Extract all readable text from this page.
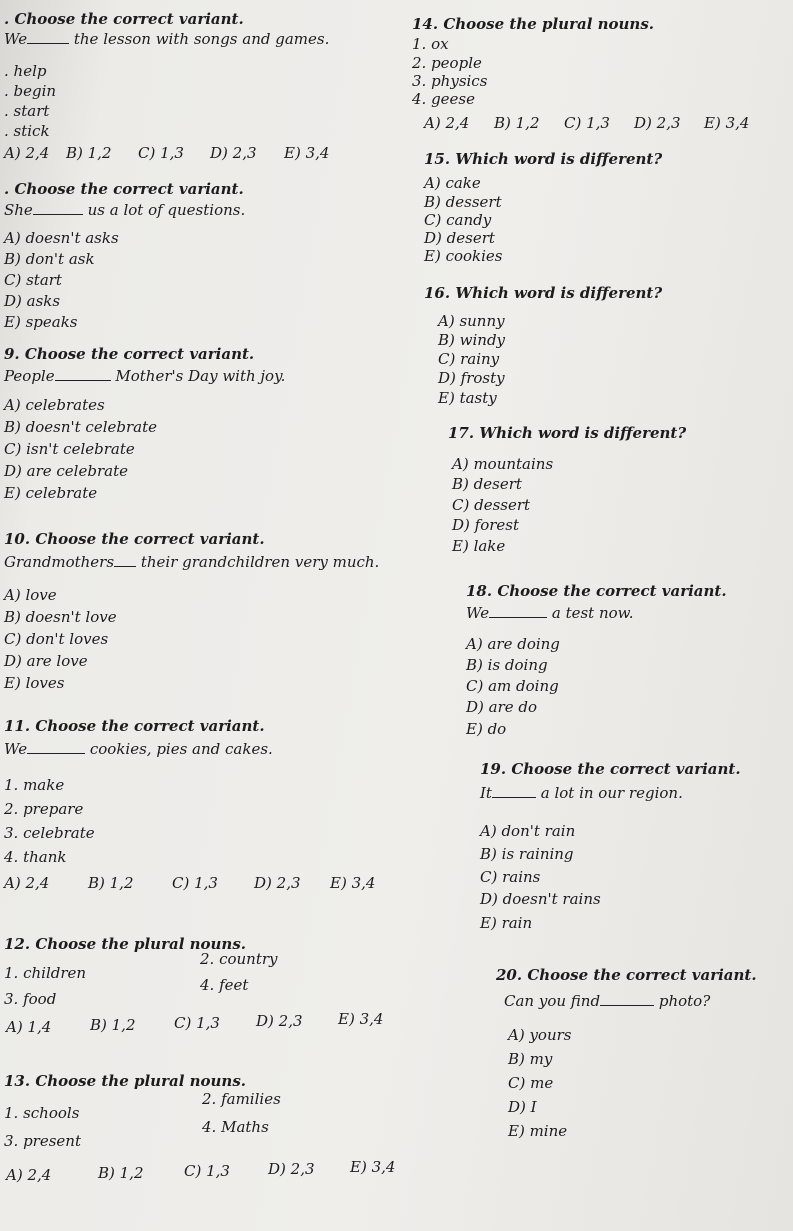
. Choose the correct variant.
We	the lesson with songs and games.
. help
. begin
. start
. stick
A) 2,4 B) 1,2 C) 1,3 D) 2,3 E) 3,4
. Choose the correct variant.
She	us a lot of questions.
A) doesn't asks
B) don't ask
C) start
D) asks
E) speaks
9. Choose the correct variant.
People	Mother's Day with joy.
A) celebrates
B) doesn't celebrate
C) isn't celebrate
D) are celebrate
E) celebrate
10. Choose the correct variant.
Grandmothers their grandchildren very much.
A) love
B) doesn't love
C) don't loves
D) are love
E) loves
11. Choose the correct variant.
We	cookies, pies and cakes.
1. make
2. prepare
3. celebrate
4. thank
A) 2,4	B) 1,2	C) 1,3 D) 2,3 E) 3,4
12. Choose the plural nouns.
1. children
2. country
3. food
4. feet
A) 1,4	B) 1,2	C) 1,3 D) 2,3 E) 3,4
13. Choose the plural nouns.
1. schools
2. families
3. present
4. Maths
A) 2,4	B) 1,2	C) 1,3	D) 2,3 E) 3,4
14. Choose the plural nouns.
1. ox
2. people
3. physics
4. geese
A) 2,4 B) 1,2 C) 1,3 D) 2,3 E) 3,4
15. Which word is different?
A) cake
B) dessert
C) candy
D) desert
E) cookies
16. Which word is different?
A) sunny
B) windy
C) rainy
D) frosty
E) tasty
17. Which word is different?
A) mountains
B) desert
C) dessert
D) forest
E) lake
18. Choose the correct variant.
We	a test now.
A) are doing
B) is doing
C) am doing
D) are do
E) do
19. Choose the correct variant.
It	a lot in our region.
A) don't rain
B) is raining
C) rains
D) doesn't rains
E) rain
20. Choose the correct variant.
Can you find	photo?
A) yours
B) my
C) me
D) I
E) mine
